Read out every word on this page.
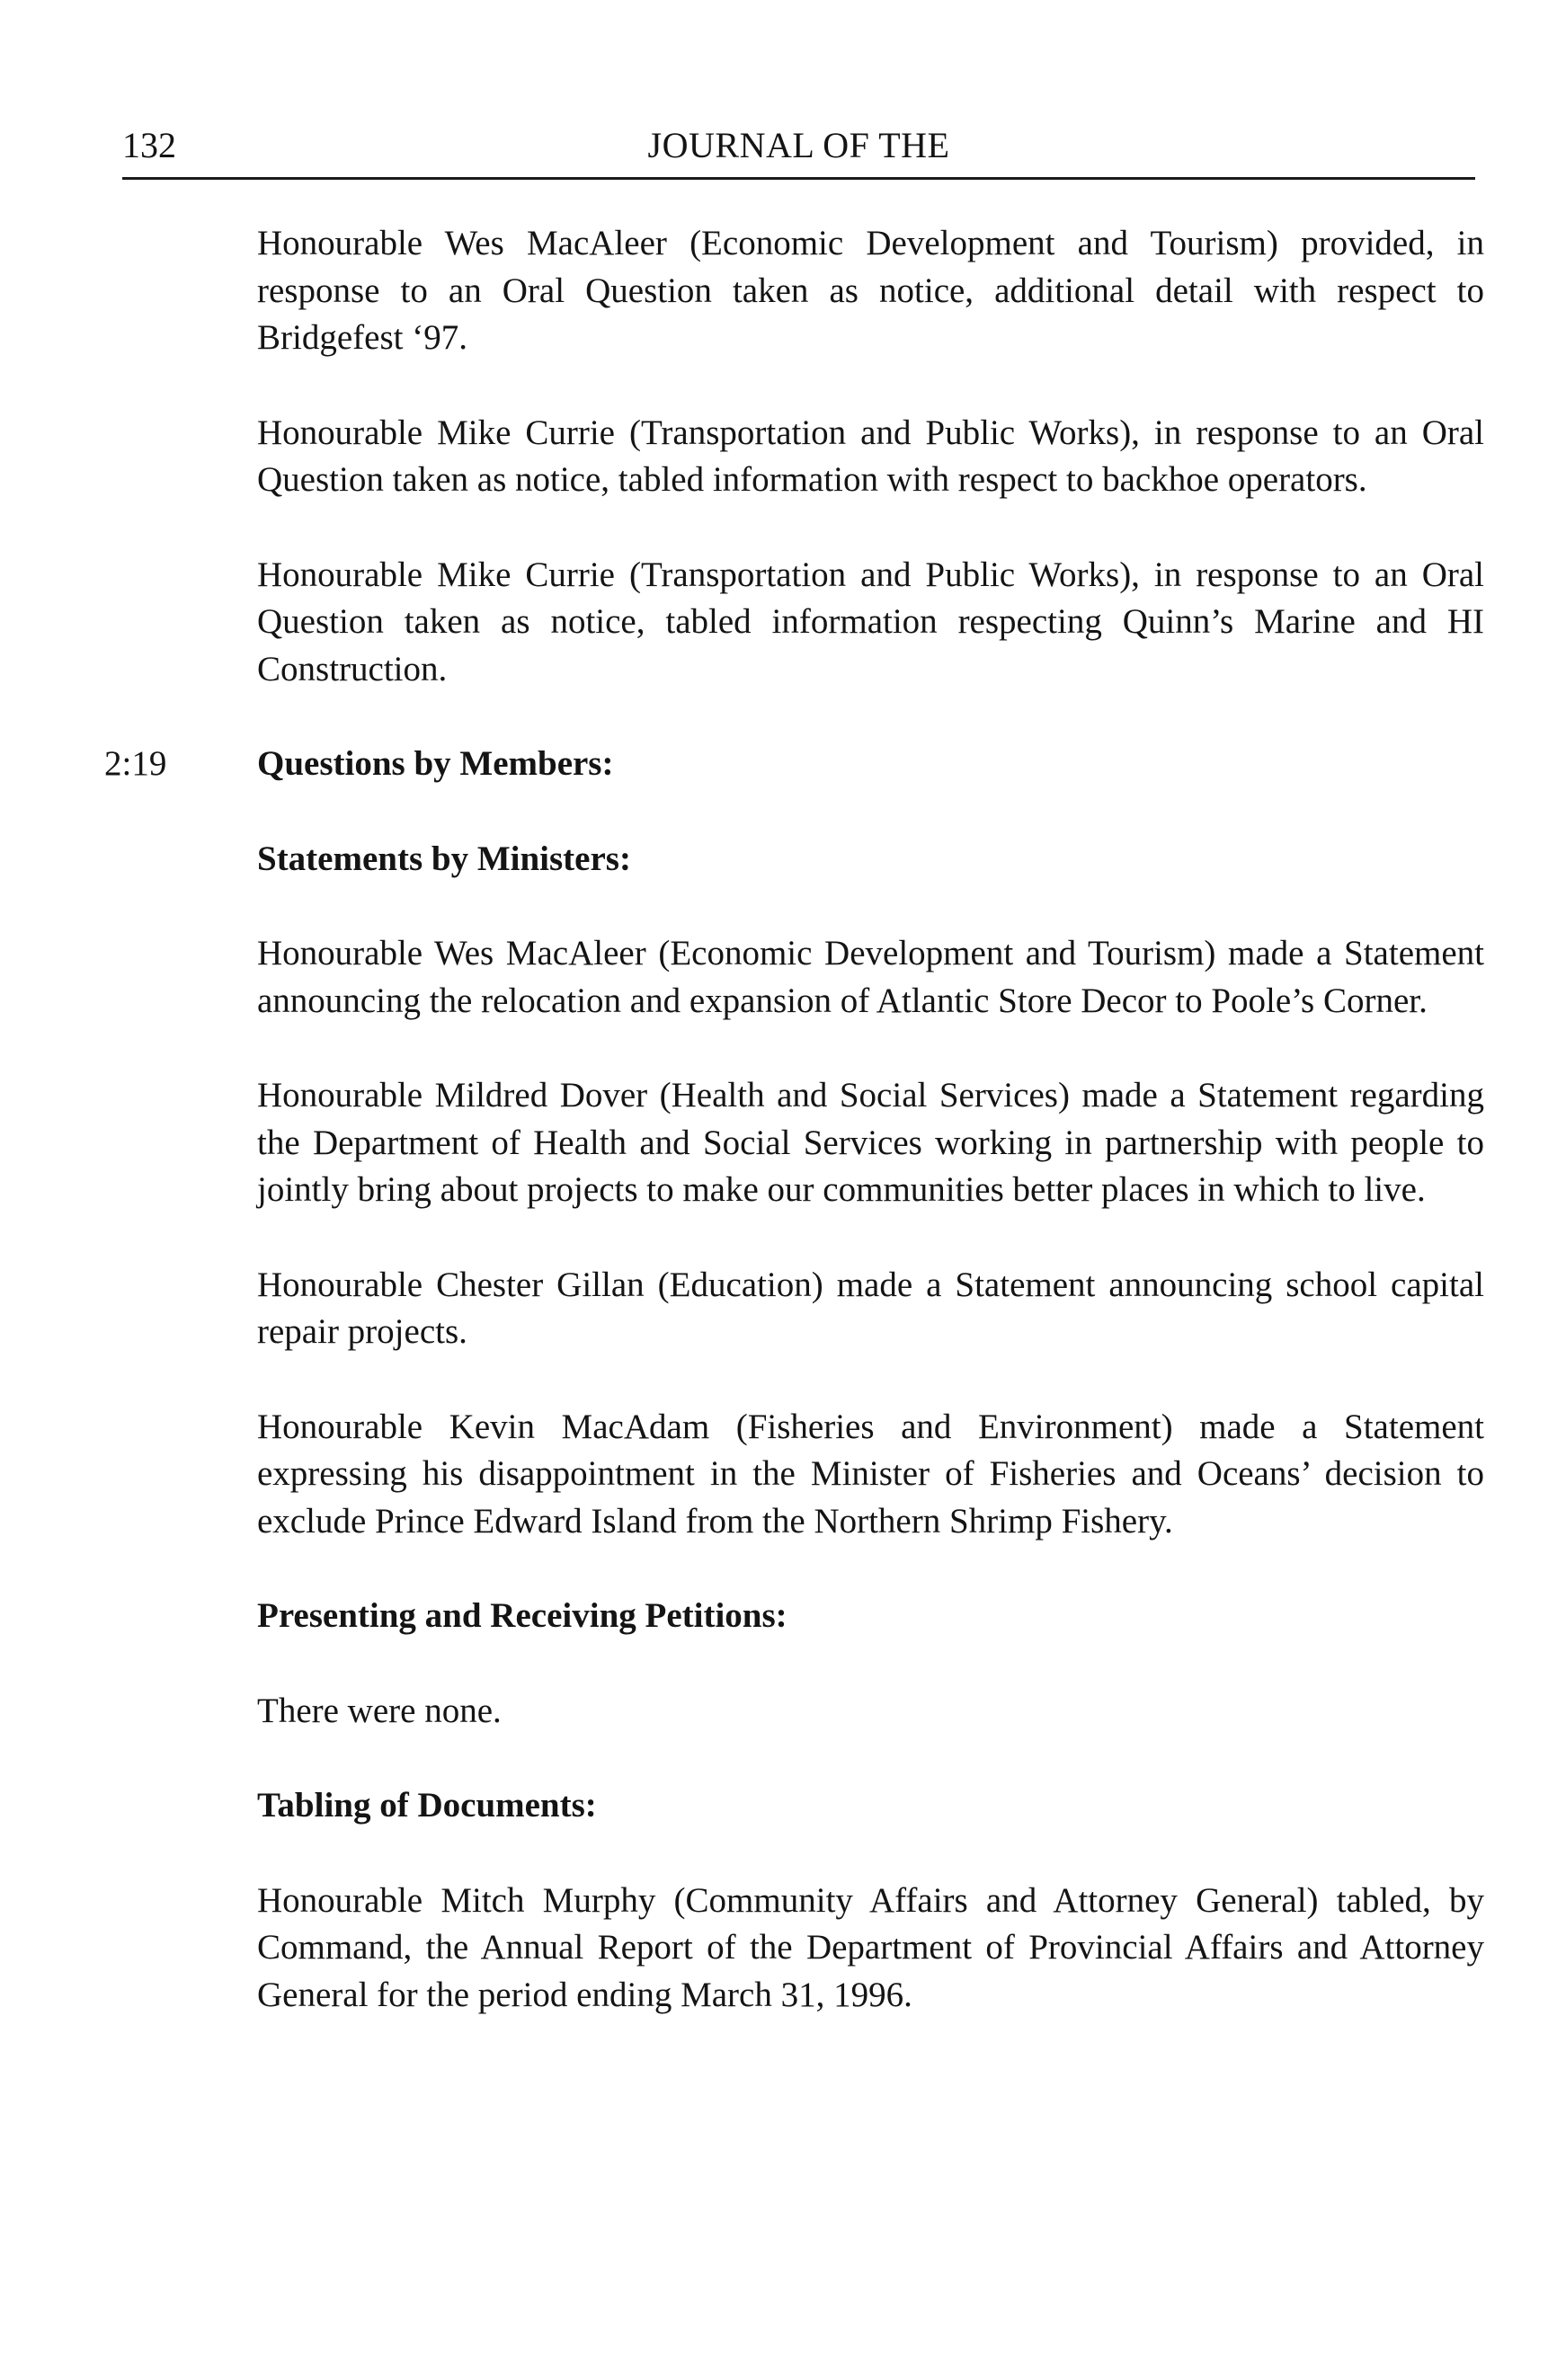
132	JOURNAL OF THE

Honourable Wes MacAleer (Economic Development and Tourism) provided, in response to an Oral Question taken as notice, additional detail with respect to Bridgefest ‘97.

Honourable Mike Currie (Transportation and Public Works), in response to an Oral Question taken as notice, tabled information with respect to backhoe operators.

Honourable Mike Currie (Transportation and Public Works), in response to an Oral Question taken as notice, tabled information respecting Quinn’s Marine and HI Construction.

2:19	Questions by Members:
Statements by Ministers:

Honourable Wes MacAleer (Economic Development and Tourism) made a Statement announcing the relocation and expansion of Atlantic Store Decor to Poole’s Corner.

Honourable Mildred Dover (Health and Social Services) made a Statement regarding the Department of Health and Social Services working in partnership with people to jointly bring about projects to make our communities better places in which to live.

Honourable Chester Gillan (Education) made a Statement announcing school capital repair projects.

Honourable Kevin MacAdam (Fisheries and Environment) made a Statement expressing his disappointment in the Minister of Fisheries and Oceans’ decision to exclude Prince Edward Island from the Northern Shrimp Fishery.

Presenting and Receiving Petitions:

There were none.

Tabling of Documents:

Honourable Mitch Murphy (Community Affairs and Attorney General) tabled, by Command, the Annual Report of the Department of Provincial Affairs and Attorney General for the period ending March 31, 1996.
